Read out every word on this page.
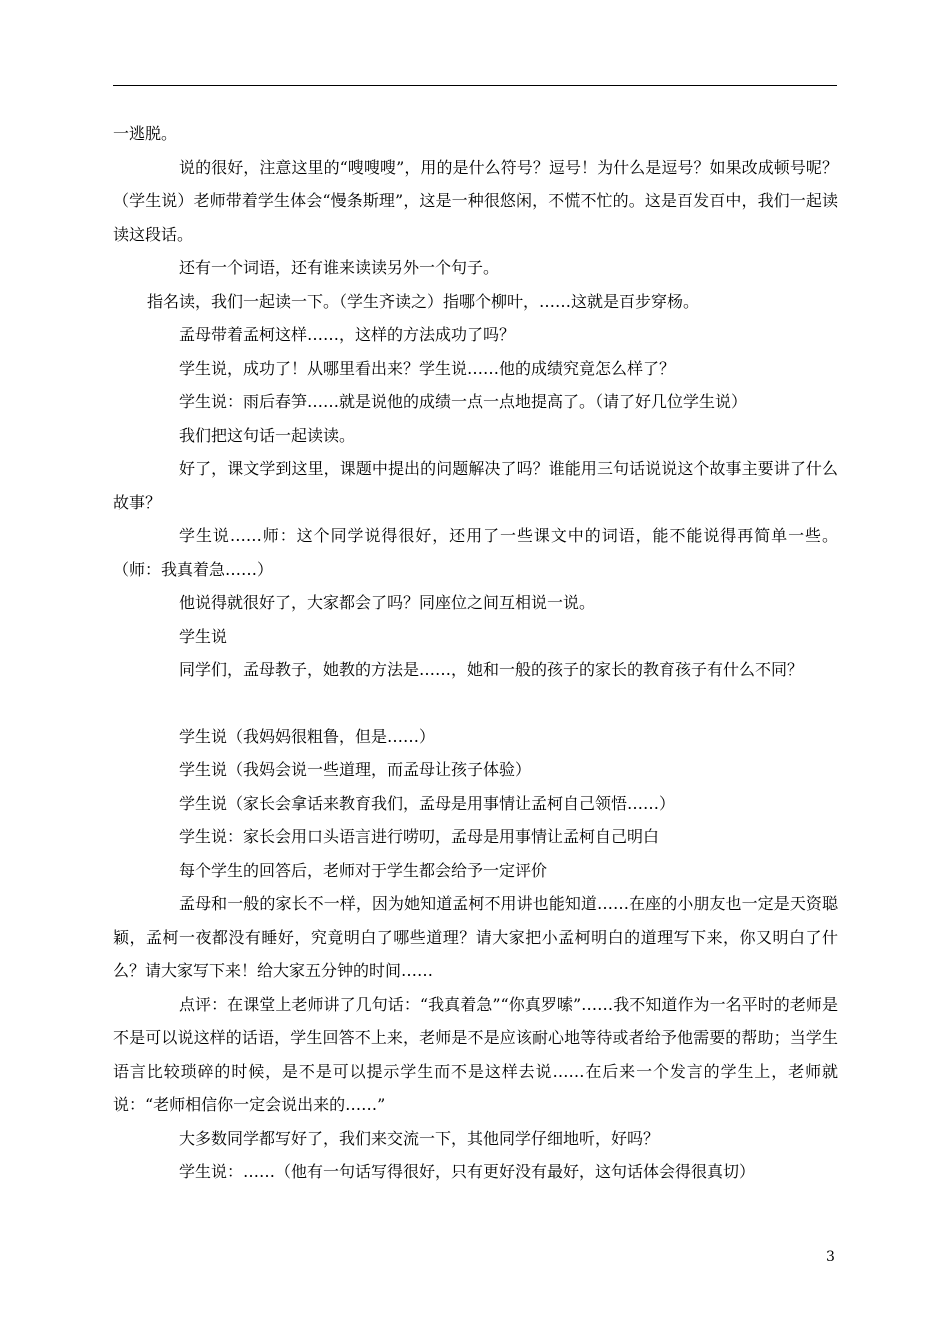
一逃脱。

说的很好，注意这里的“嗖嗖嗖”，用的是什么符号？逗号！为什么是逗号？如果改成顿号呢？（学生说）老师带着学生体会“慢条斯理”，这是一种很悠闲，不慌不忙的。这是百发百中，我们一起读读这段话。

还有一个词语，还有谁来读读另外一个句子。

指名读，我们一起读一下。（学生齐读之）指哪个柳叶，……这就是百步穿杨。

孟母带着孟柯这样……，这样的方法成功了吗？

学生说，成功了！从哪里看出来？学生说……他的成绩究竟怎么样了？

学生说：雨后春笋……就是说他的成绩一点一点地提高了。（请了好几位学生说）

我们把这句话一起读读。

好了，课文学到这里，课题中提出的问题解决了吗？谁能用三句话说说这个故事主要讲了什么故事？

学生说……师：这个同学说得很好，还用了一些课文中的词语，能不能说得再简单一些。（师：我真着急……）

他说得就很好了，大家都会了吗？同座位之间互相说一说。

学生说

同学们，孟母教子，她教的方法是……，她和一般的孩子的家长的教育孩子有什么不同？

学生说（我妈妈很粗鲁，但是……）

学生说（我妈会说一些道理，而孟母让孩子体验）

学生说（家长会拿话来教育我们，孟母是用事情让孟柯自己领悟……）

学生说：家长会用口头语言进行唠叨，孟母是用事情让孟柯自己明白

每个学生的回答后，老师对于学生都会给予一定评价

孟母和一般的家长不一样，因为她知道孟柯不用讲也能知道……在座的小朋友也一定是天资聪颖，孟柯一夜都没有睡好，究竟明白了哪些道理？请大家把小孟柯明白的道理写下来，你又明白了什么？请大家写下来！给大家五分钟的时间……

点评：在课堂上老师讲了几句话：“我真着急”“你真罗嗦”……我不知道作为一名平时的老师是不是可以说这样的话语，学生回答不上来，老师是不是应该耐心地等待或者给予他需要的帮助；当学生语言比较琐碎的时候，是不是可以提示学生而不是这样去说……在后来一个发言的学生上，老师就说：“老师相信你一定会说出来的……”

大多数同学都写好了，我们来交流一下，其他同学仔细地听，好吗？

学生说：……（他有一句话写得很好，只有更好没有最好，这句话体会得很真切）

3
